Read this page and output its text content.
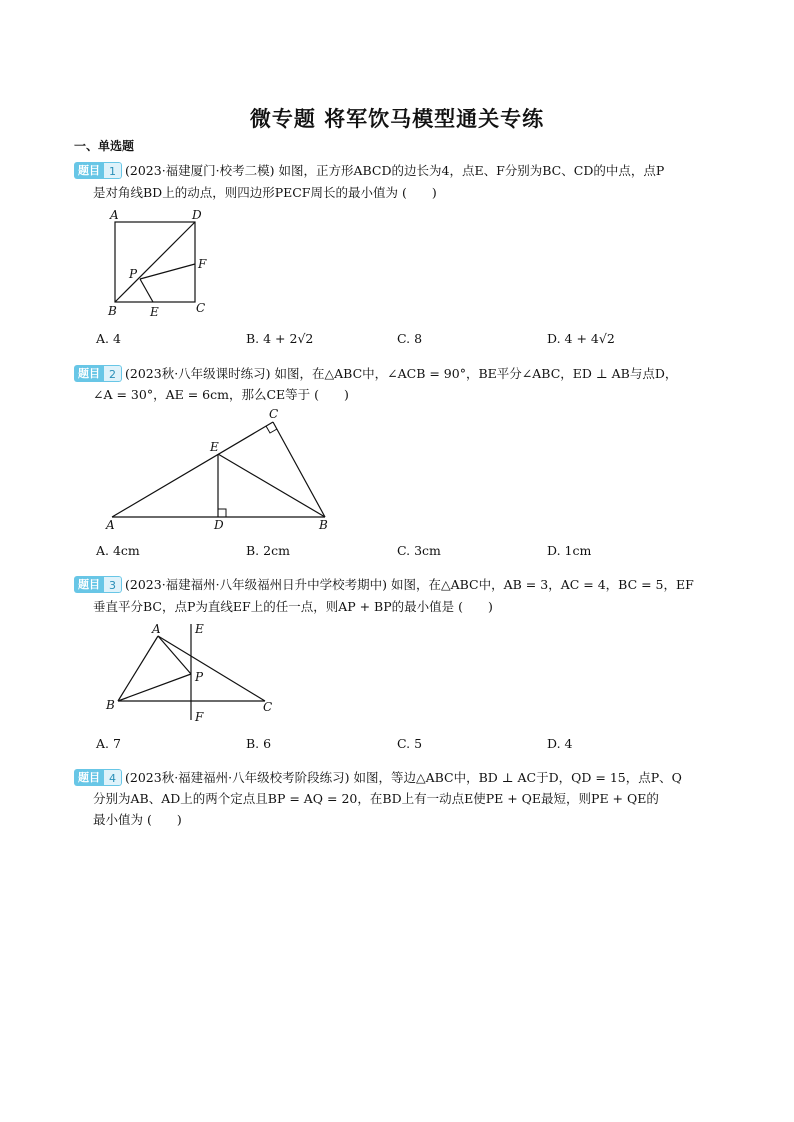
微专题 将军饮马模型通关专练
一、单选题
题目 1 (2023·福建厦门·校考二模) 如图，正方形ABCD的边长为4，点E、F分别为BC、CD的中点，点P
是对角线BD上的动点，则四边形PECF周长的最小值为 (　　)
A	D
F
P
B	E	C
A. 4	B. 4 + 2√2	C. 8	D. 4 + 4√2
题目 2 (2023秋·八年级课时练习) 如图，在△ABC中，∠ACB = 90°，BE平分∠ABC，ED ⊥ AB与点D，
∠A = 30°，AE = 6cm，那么CE等于 (　　)
C
E
A	D	B
A. 4cm	B. 2cm	C. 3cm	D. 1cm
题目 3 (2023·福建福州·八年级福州日升中学校考期中) 如图，在△ABC中，AB = 3，AC = 4，BC = 5，EF
垂直平分BC，点P为直线EF上的任一点，则AP + BP的最小值是 (　　)
A	E
P
B	C
F
A. 7	B. 6	C. 5	D. 4
题目 4 (2023秋·福建福州·八年级校考阶段练习) 如图，等边△ABC中，BD ⊥ AC于D，QD = 15，点P、Q
分别为AB、AD上的两个定点且BP = AQ = 20，在BD上有一动点E使PE + QE最短，则PE + QE的
最小值为 (　　)
